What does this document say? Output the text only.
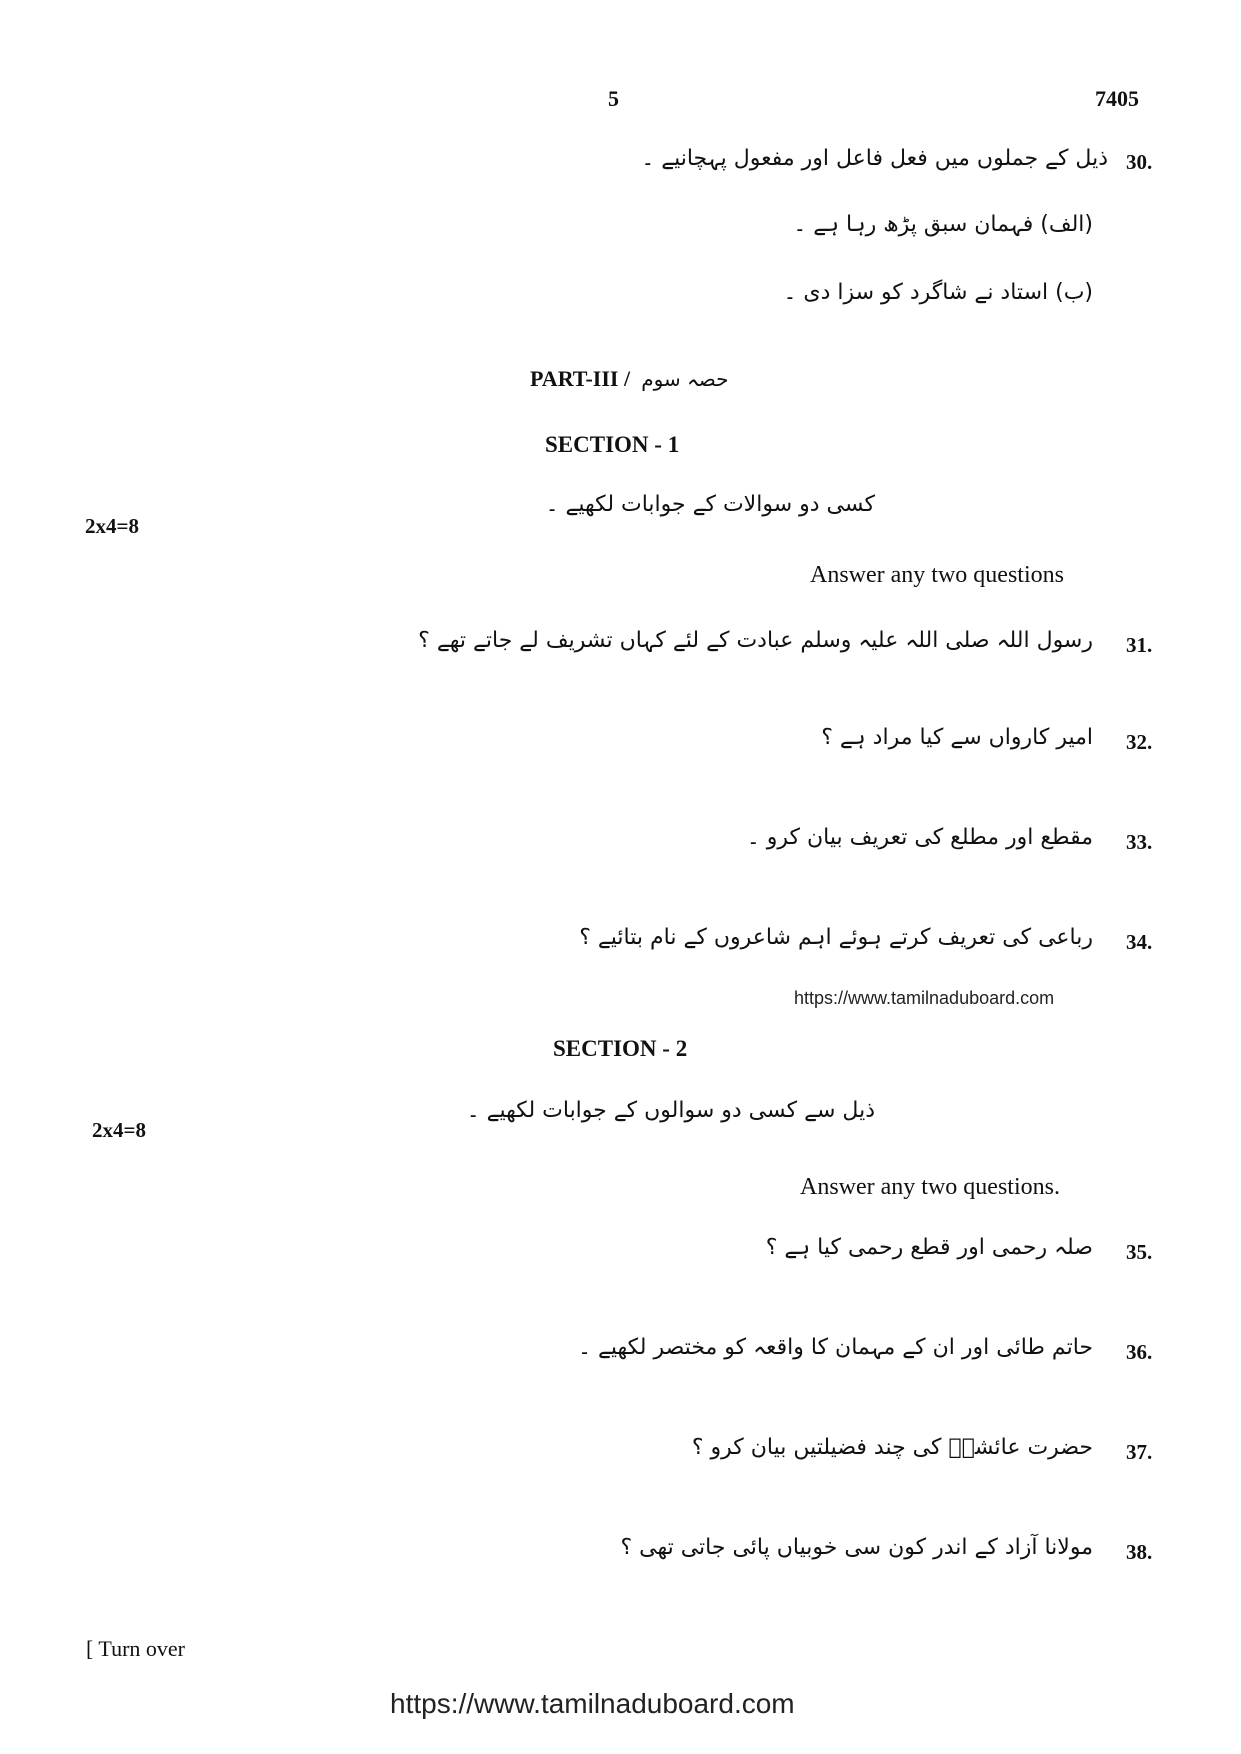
5	7405
30.
ذیل کے جملوں میں فعل فاعل اور مفعول پہچانیے ۔
(الف) فہمان سبق پڑھ رہا ہے ۔
(ب) استاد نے شاگرد کو سزا دی ۔
PART-III / حصہ سوم
SECTION - 1
کسی دو سوالات کے جوابات لکھیے ۔
2x4=8
Answer any two questions
31.
رسول اللہ صلی اللہ علیہ وسلم عبادت کے لئے کہاں تشریف لے جاتے تھے ؟
32.
امیر کارواں سے کیا مراد ہے ؟
33.
مقطع اور مطلع کی تعریف بیان کرو ۔
34.
رباعی کی تعریف کرتے ہوئے اہم شاعروں کے نام بتائیے ؟
https://www.tamilnaduboard.com
SECTION - 2
ذیل سے کسی دو سوالوں کے جوابات لکھیے ۔
2x4=8
Answer any two questions.
35.
صلہ رحمی اور قطع رحمی کیا ہے ؟
36.
حاتم طائی اور ان کے مہمان کا واقعہ کو مختصر لکھیے ۔
37.
حضرت عائشہؓ کی چند فضیلتیں بیان کرو ؟
38.
مولانا آزاد کے اندر کون سی خوبیاں پائی جاتی تھی ؟
[ Turn over
https://www.tamilnaduboard.com
